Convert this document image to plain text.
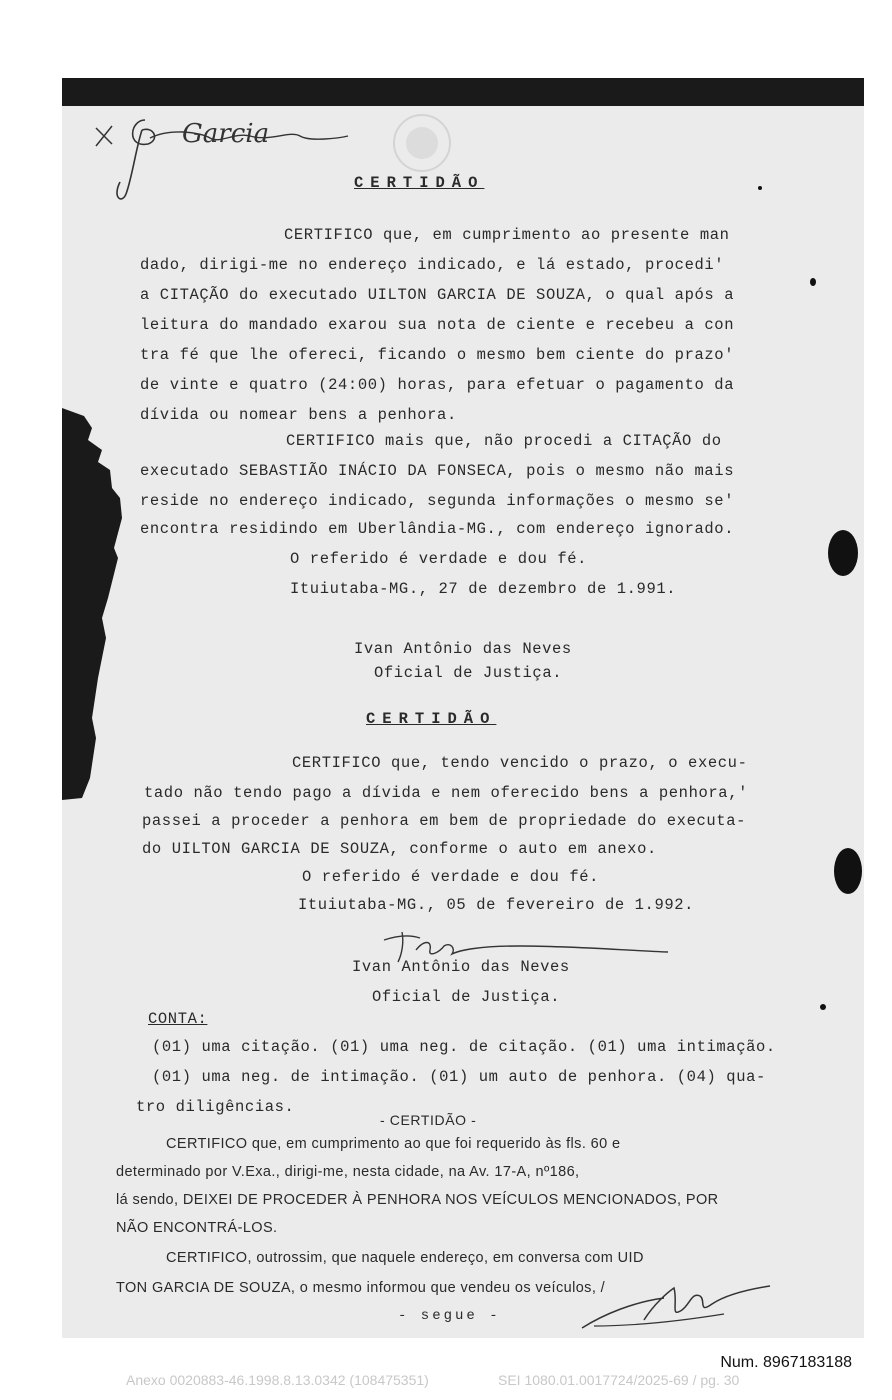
Garcia
CERTIDÃO
CERTIFICO que, em cumprimento ao presente man
dado, dirigi-me no endereço indicado, e lá estado, procedi'
a CITAÇÃO do executado UILTON GARCIA DE SOUZA, o qual após a
leitura do mandado exarou sua nota de ciente e recebeu a con
tra fé que lhe ofereci, ficando o mesmo bem ciente do prazo'
de vinte e quatro (24:00) horas, para efetuar o pagamento da
dívida ou nomear bens a penhora.
CERTIFICO mais que, não procedi a CITAÇÃO do
executado SEBASTIÃO INÁCIO DA FONSECA, pois o mesmo não mais
reside no endereço indicado, segunda informações o mesmo se'
encontra residindo em Uberlândia-MG., com endereço ignorado.
O referido é verdade e dou fé.
Ituiutaba-MG., 27 de dezembro de 1.991.
Ivan Antônio das Neves
Oficial de Justiça.
CERTIDÃO
CERTIFICO que, tendo vencido o prazo, o execu-
tado não tendo pago a dívida e nem oferecido bens a penhora,'
passei a proceder a penhora em bem de propriedade do executa-
do UILTON GARCIA DE SOUZA, conforme o auto em anexo.
O referido é verdade e dou fé.
Ituiutaba-MG., 05 de fevereiro de 1.992.
Ivan Antônio das Neves
Oficial de Justiça.
CONTA:
(01) uma citação. (01) uma neg. de citação. (01) uma intimação.
(01) uma neg. de intimação. (01) um auto de penhora. (04) qua-
tro diligências.
- CERTIDÃO -
CERTIFICO que, em cumprimento ao que foi requerido às fls. 60 e
determinado por V.Exa., dirigi-me, nesta cidade, na Av. 17-A, nº186,
lá sendo, DEIXEI DE PROCEDER À PENHORA NOS VEÍCULOS MENCIONADOS, POR
NÃO ENCONTRÁ-LOS.
CERTIFICO, outrossim, que naquele endereço, em conversa com UID
TON GARCIA DE SOUZA, o mesmo informou que vendeu os veículos, /
- segue -
Num. 8967183188
Anexo 0020883-46.1998.8.13.0342 (108475351)	SEI 1080.01.0017724/2025-69 / pg. 30
